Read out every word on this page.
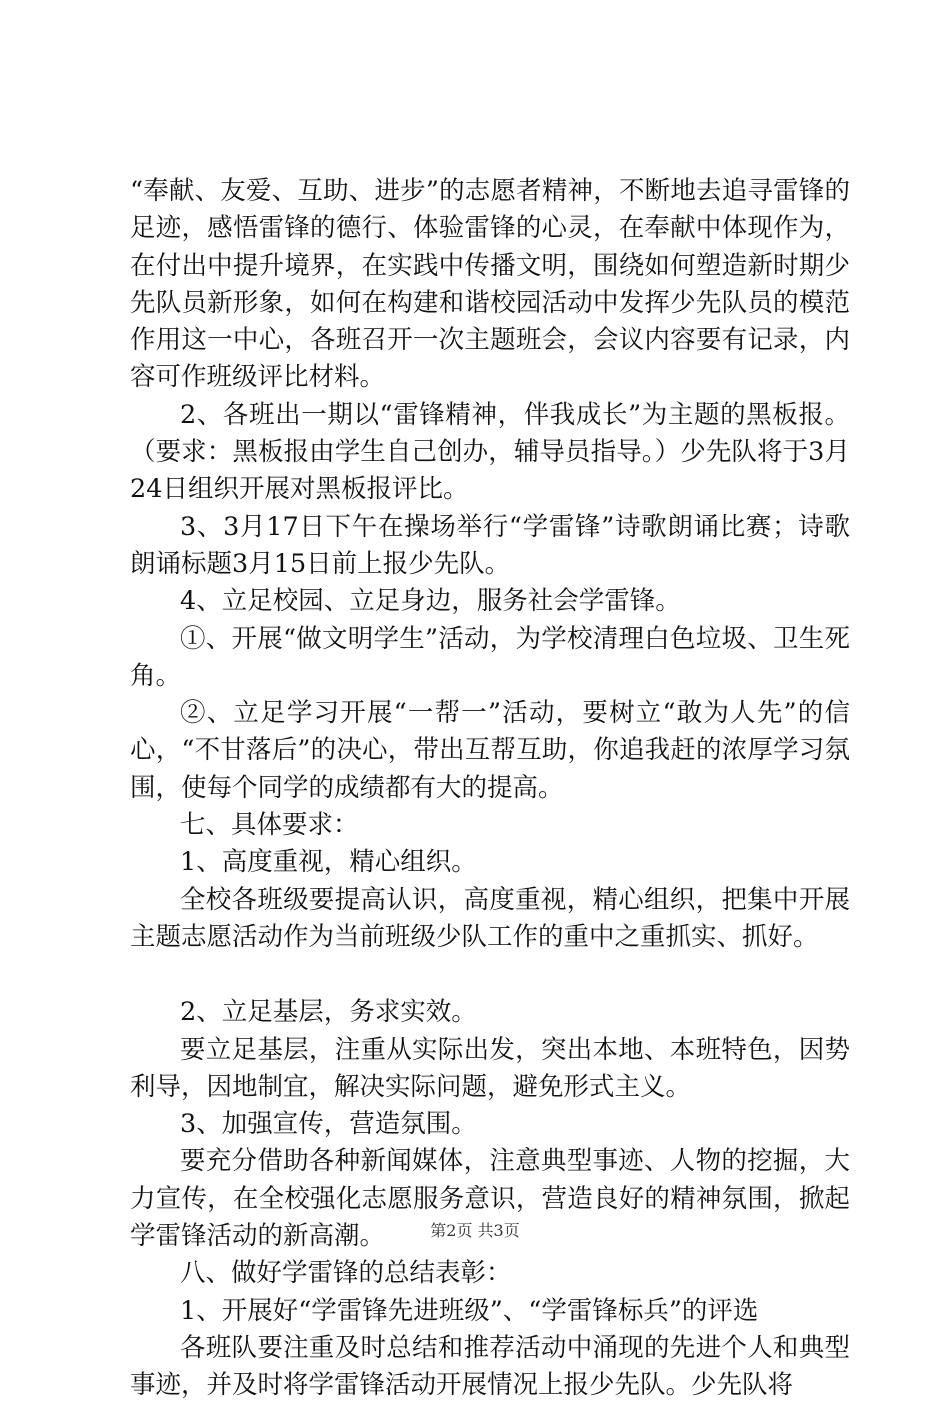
“奉献、友爱、互助、进步”的志愿者精神，不断地去追寻雷锋的足迹，感悟雷锋的德行、体验雷锋的心灵，在奉献中体现作为，在付出中提升境界，在实践中传播文明，围绕如何塑造新时期少先队员新形象，如何在构建和谐校园活动中发挥少先队员的模范作用这一中心，各班召开一次主题班会，会议内容要有记录，内容可作班级评比材料。

2、各班出一期以“雷锋精神，伴我成长”为主题的黑板报。（要求：黑板报由学生自己创办，辅导员指导。）少先队将于3月24日组织开展对黑板报评比。

3、3月17日下午在操场举行“学雷锋”诗歌朗诵比赛；诗歌朗诵标题3月15日前上报少先队。

4、立足校园、立足身边，服务社会学雷锋。

①、开展“做文明学生”活动，为学校清理白色垃圾、卫生死角。

②、立足学习开展“一帮一”活动，要树立“敢为人先”的信心，“不甘落后”的决心，带出互帮互助，你追我赶的浓厚学习氛围，使每个同学的成绩都有大的提高。

七、具体要求：

1、高度重视，精心组织。

全校各班级要提高认识，高度重视，精心组织，把集中开展主题志愿活动作为当前班级少队工作的重中之重抓实、抓好。

2、立足基层，务求实效。

要立足基层，注重从实际出发，突出本地、本班特色，因势利导，因地制宜，解决实际问题，避免形式主义。

3、加强宣传，营造氛围。

要充分借助各种新闻媒体，注意典型事迹、人物的挖掘，大力宣传，在全校强化志愿服务意识，营造良好的精神氛围，掀起学雷锋活动的新高潮。

八、做好学雷锋的总结表彰：

1、开展好“学雷锋先进班级”、“学雷锋标兵”的评选

各班队要注重及时总结和推荐活动中涌现的先进个人和典型事迹，并及时将学雷锋活动开展情况上报少先队。少先队将

第2页 共3页
